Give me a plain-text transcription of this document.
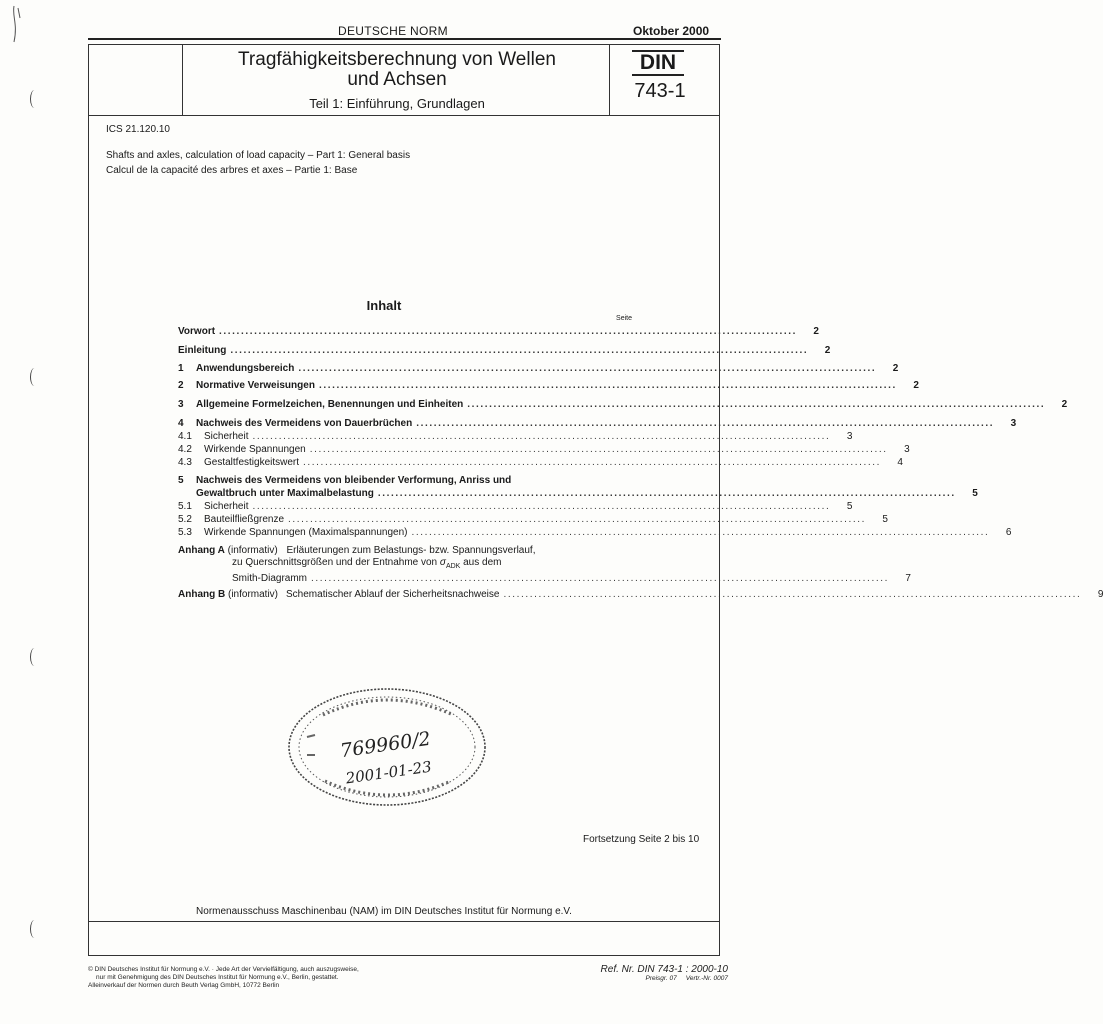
DEUTSCHE NORM	Oktober 2000
Tragfähigkeitsberechnung von Wellen
und Achsen
Teil 1: Einführung, Grundlagen
DIN
743-1
ICS 21.120.10
Shafts and axles, calculation of load capacity – Part 1: General basis
Calcul de la capacité des arbres et axes – Partie 1: Base
Inhalt
Seite
Vorwort ....................................................................................................................................	2
Einleitung ....................................................................................................................................	2
1	Anwendungsbereich ....................................................................................................................................	2
2	Normative Verweisungen ....................................................................................................................................	2
3	Allgemeine Formelzeichen, Benennungen und Einheiten ....................................................................................................................................	2
4	Nachweis des Vermeidens von Dauerbrüchen ....................................................................................................................................	3
4.1	Sicherheit ....................................................................................................................................	3
4.2	Wirkende Spannungen ....................................................................................................................................	3
4.3	Gestaltfestigkeitswert ....................................................................................................................................	4
5	Nachweis des Vermeidens von bleibender Verformung, Anriss und
Gewaltbruch unter Maximalbelastung ....................................................................................................................................	5
5.1	Sicherheit ....................................................................................................................................	5
5.2	Bauteilfließgrenze ....................................................................................................................................	5
5.3	Wirkende Spannungen (Maximalspannungen) ....................................................................................................................................	6
Anhang A (informativ) Erläuterungen zum Belastungs- bzw. Spannungsverlauf,
zu Querschnittsgrößen und der Entnahme von $\sigma_{ADK}$ aus dem
Smith-Diagramm ....................................................................................................................................	7
Anhang B (informativ) Schematischer Ablauf der Sicherheitsnachweise ....................................................................................................................................	9
769960/2
2001-01-23
Fortsetzung Seite 2 bis 10
Normenausschuss Maschinenbau (NAM) im DIN Deutsches Institut für Normung e.V.
© DIN Deutsches Institut für Normung e.V. · Jede Art der Vervielfältigung, auch auszugsweise,
nur mit Genehmigung des DIN Deutsches Institut für Normung e.V., Berlin, gestattet.
Alleinverkauf der Normen durch Beuth Verlag GmbH, 10772 Berlin
Ref. Nr. DIN 743-1 : 2000-10
Preisgr. 07 Vertr.-Nr. 0007
